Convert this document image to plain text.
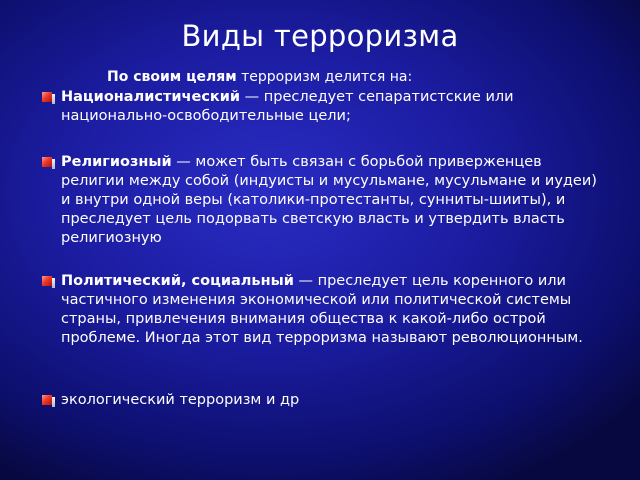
Виды терроризма
По своим целям терроризм делится на:
Националистический — преследует сепаратистские или национально-освободительные цели;
Религиозный — может быть связан с борьбой приверженцев религии между собой (индуисты и мусульмане, мусульмане и иудеи) и внутри одной веры (католики-протестанты, сунниты-шииты), и преследует цель подорвать светскую власть и утвердить власть религиозную
Политический, социальный — преследует цель коренного или частичного изменения экономической или политической системы страны, привлечения внимания общества к какой-либо острой проблеме. Иногда этот вид терроризма называют революционным.
экологический терроризм и др
